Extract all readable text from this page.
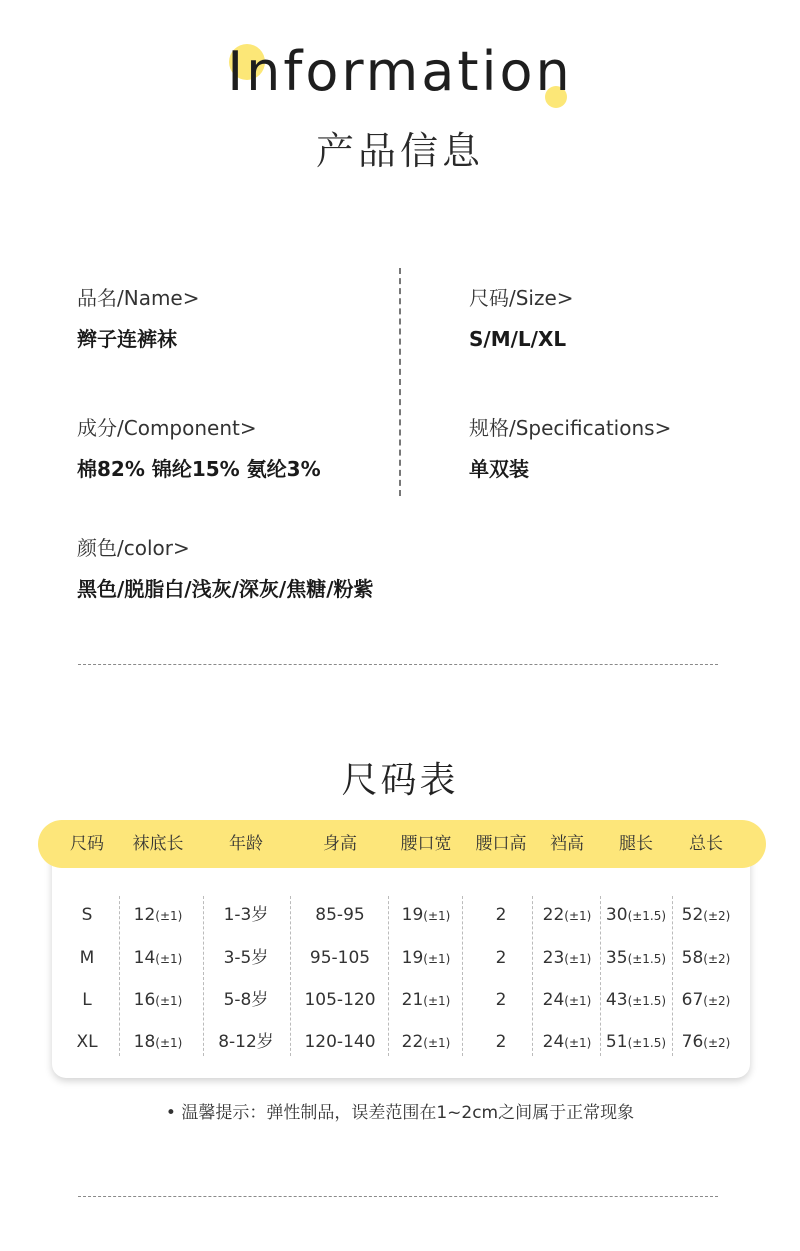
Information
产品信息
品名/Name>
辫子连裤袜
尺码/Size>
S/M/L/XL
成分/Component>
棉82% 锦纶15% 氨纶3%
规格/Specifications>
单双装
颜色/color>
黑色/脱脂白/浅灰/深灰/焦糖/粉紫
尺码表
尺码	袜底长	年龄	身高	腰口宽	腰口高	裆高	腿长	总长
S	12(±1)	1-3岁	85-95	19(±1)	2	22(±1) 30(±1.5) 52(±2)
M	14(±1)	3-5岁	95-105	19(±1)	2	23(±1) 35(±1.5) 58(±2)
L	16(±1)	5-8岁	105-120	21(±1)	2	24(±1) 43(±1.5) 67(±2)
XL	18(±1)	8-12岁	120-140	22(±1)	2	24(±1) 51(±1.5) 76(±2)
• 温馨提示：弹性制品，误差范围在1~2cm之间属于正常现象
